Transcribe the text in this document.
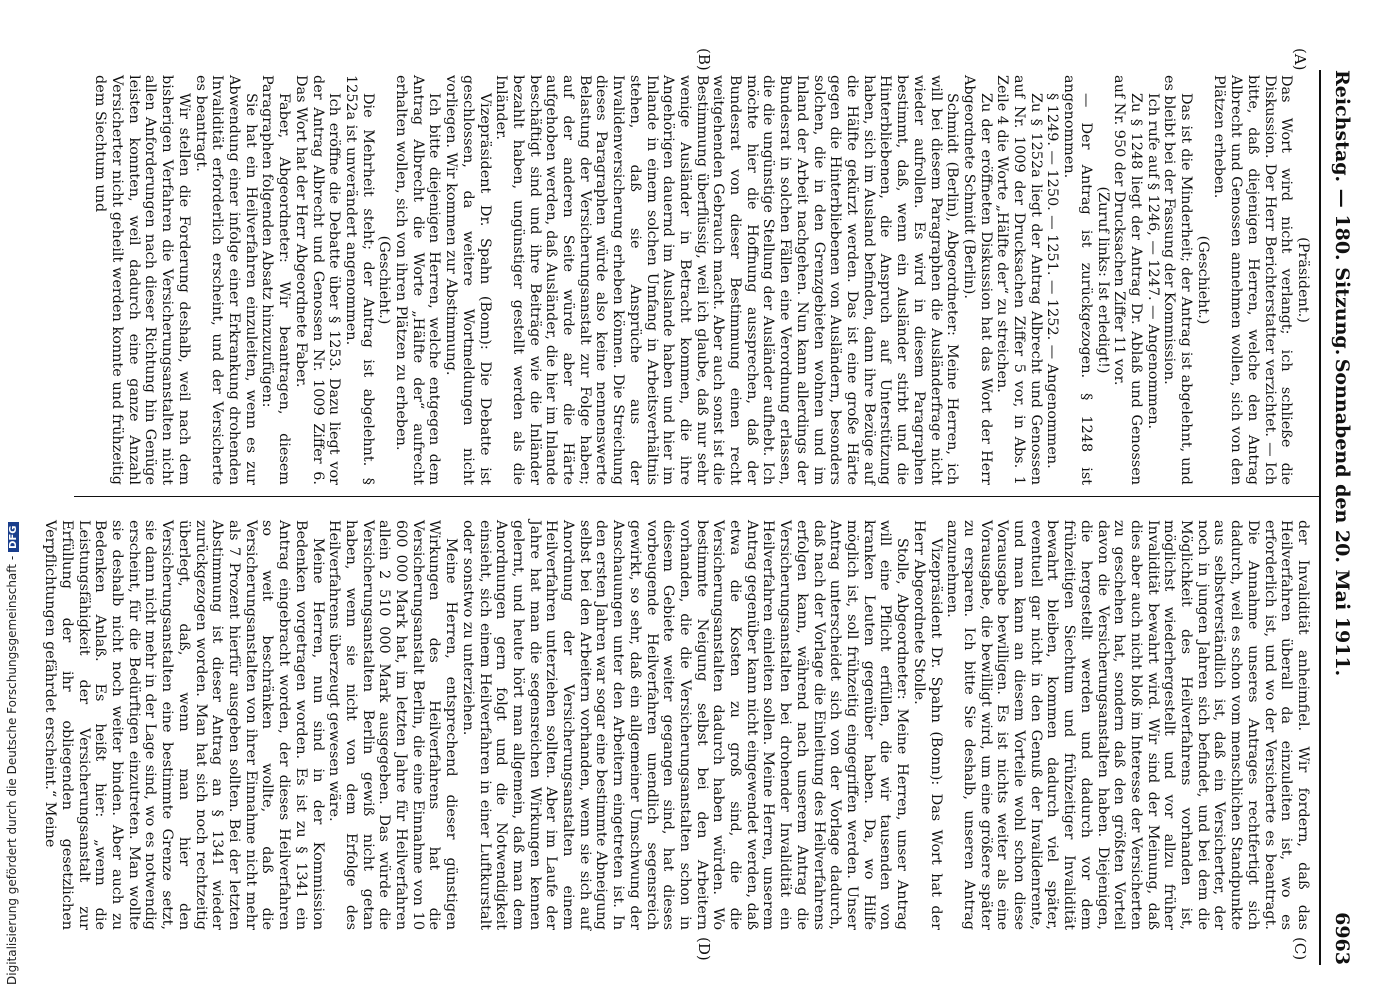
Reichstag. — 180. Sitzung.
Sonnabend den 20. Mai 1911.
6963
(A)
(B)
(C)
(D)

(Präsident.)

Das Wort wird nicht verlangt; ich schließe die Diskussion. Der Herr Berichterstatter verzichtet. — Ich bitte, daß diejenigen Herren, welche den Antrag Albrecht und Genossen annehmen wollen, sich von den Plätzen erheben.

(Geschieht.)

Das ist die Minderheit; der Antrag ist abgelehnt, und es bleibt bei der Fassung der Kommission.

Ich rufe auf § 1246, — 1247. — Angenommen.

Zu § 1248 liegt der Antrag Dr. Ablaß und Genossen auf Nr. 950 der Drucksachen Ziffer 11 vor.

(Zuruf links: Ist erledigt!)

— Der Antrag ist zurückgezogen. § 1248 ist angenommen.

§ 1249. — 1250. — 1251. — 1252. — Angenommen.

Zu § 1252a liegt der Antrag Albrecht und Genossen auf Nr. 1009 der Drucksachen Ziffer 5 vor, in Abs. 1 Zeile 4 die Worte „Hälfte der“ zu streichen.

Zu der eröffneten Diskussion hat das Wort der Herr Abgeordnete Schmidt (Berlin).

Schmidt (Berlin), Abgeordneter: Meine Herren, ich will bei diesem Paragraphen die Ausländerfrage nicht wieder aufrollen. Es wird in diesem Paragraphen bestimmt, daß, wenn ein Ausländer stirbt und die Hinterbliebenen, die Anspruch auf Unterstützung haben, sich im Ausland befinden, dann ihre Bezüge auf die Hälfte gekürzt werden. Das ist eine große Härte gegen die Hinterbliebenen von Ausländern, besonders solchen, die in den Grenzgebieten wohnen und im Inland der Arbeit nachgehen. Nun kann allerdings der Bundesrat in solchen Fällen eine Verordnung erlassen, die die ungünstige Stellung der Ausländer aufhebt. Ich möchte hier die Hoffnung aussprechen, daß der Bundesrat von dieser Bestimmung einen recht weitgehenden Gebrauch macht. Aber auch sonst ist die Bestimmung überflüssig, weil ich glaube, daß nur sehr wenige Ausländer in Betracht kommen, die ihre Angehörigen dauernd im Auslande haben und hier im Inlande in einem solchen Umfang in Arbeitsverhältnis stehen, daß sie Ansprüche aus der Invalidenversicherung erheben können. Die Streichung dieses Paragraphen würde also keine nennenswerte Belastung der Versicherungsanstalt zur Folge haben; auf der anderen Seite würde aber die Härte aufgehoben werden, daß Ausländer, die hier im Inlande beschäftigt sind und ihre Beiträge wie die Inländer bezahlt haben, ungünstiger gestellt werden als die Inländer.

Vizepräsident Dr. Spahn (Bonn): Die Debatte ist geschlossen, da weitere Wortmeldungen nicht vorliegen. Wir kommen zur Abstimmung.

Ich bitte diejenigen Herren, welche entgegen dem Antrag Albrecht die Worte „Hälfte der“ aufrecht erhalten wollen, sich von ihren Plätzen zu erheben.

(Geschieht.)

Die Mehrheit steht; der Antrag ist abgelehnt. § 1252a ist unverändert angenommen.

Ich eröffne die Debatte über § 1253. Dazu liegt vor der Antrag Albrecht und Genossen Nr. 1009 Ziffer 6. Das Wort hat der Herr Abgeordnete Faber.

Faber, Abgeordneter: Wir beantragen, diesem Paragraphen folgenden Absatz hinzuzufügen:

Sie hat ein Heilverfahren einzuleiten, wenn es zur Abwendung einer infolge einer Erkrankung drohenden Invalidität erforderlich erscheint, und der Versicherte es beantragt.

Wir stellen die Forderung deshalb, weil nach dem bisherigen Verfahren die Versicherungsanstalten nicht allen Anforderungen nach dieser Richtung hin Genüge leisten konnten, weil dadurch eine ganze Anzahl Versicherter nicht geheilt werden konnte und frühzeitig dem Siechtum und

der Invalidität anheimfiel. Wir fordern, daß das Heilverfahren überall da einzuleiten ist, wo es erforderlich ist, und wo der Versicherte es beantragt. Die Annahme unseres Antrages rechtfertigt sich dadurch, weil es schon vom menschlichen Standpunkte aus selbstverständlich ist, daß ein Versicherter, der noch in jungen Jahren sich befindet, und bei dem die Möglichkeit des Heilverfahrens vorhanden ist, möglichst wiederhergestellt und vor allzu früher Invalidität bewahrt wird. Wir sind der Meinung, daß dies aber auch nicht bloß im Interesse der Versicherten zu geschehen hat, sondern daß den größten Vorteil davon die Versicherungsanstalten haben. Diejenigen, die hergestellt werden und dadurch vor dem frühzeitigen Siechtum und frühzeitiger Invalidität bewahrt bleiben, kommen dadurch viel später, eventuell gar nicht in den Genuß der Invalidenrente, und man kann an diesem Vorteile wohl schon diese Vorausgabe bewilligen. Es ist nichts weiter als eine Vorausgabe, die bewilligt wird, um eine größere später zu ersparen. Ich bitte Sie deshalb, unseren Antrag anzunehmen.

Vizepräsident Dr. Spahn (Bonn): Das Wort hat der Herr Abgeordnete Stolle.

Stolle, Abgeordneter: Meine Herren, unser Antrag will eine Pflicht erfüllen, die wir tausenden von kranken Leuten gegenüber haben. Da, wo Hilfe möglich ist, soll frühzeitig eingegriffen werden. Unser Antrag unterscheidet sich von der Vorlage dadurch, daß nach der Vorlage die Einleitung des Heilverfahrens erfolgen kann, während nach unserem Antrag die Versicherungsanstalten bei drohender Invalidität ein Heilverfahren einleiten sollen. Meine Herren, unserem Antrag gegenüber kann nicht eingewendet werden, daß etwa die Kosten zu groß sind, die die Versicherungsanstalten dadurch haben würden. Wo bestimmte Neigung selbst bei den Arbeitern vorhanden, die die Versicherungsanstalten schon in diesem Gebiete weiter gegangen sind, hat dieses vorbeugende Heilverfahren unendlich segensreich gewirkt, so sehr, daß ein allgemeiner Umschwung der Anschauungen unter den Arbeitern eingetreten ist. In den ersten Jahren war sogar eine bestimmte Abneigung selbst bei den Arbeitern vorhanden, wenn sie sich auf Anordnung der Versicherungsanstalten einem Heilverfahren unterziehen sollten. Aber im Laufe der Jahre hat man die segensreichen Wirkungen kennen gelernt, und heute hört man allgemein, daß man dem Anordnungen gern folgt und die Notwendigkeit einsieht, sich einem Heilverfahren in einer Luftkurstalt oder sonstwo zu unterziehen.

Meine Herren, entsprechend dieser günstigen Wirkungen des Heilverfahrens hat die Versicherungsanstalt Berlin, die eine Einnahme von 10 600 000 Mark hat, im letzten Jahre für Heilverfahren allein 2 510 000 Mark ausgegeben. Das würde die Versicherungsanstalten Berlin gewiß nicht getan haben, wenn sie nicht von dem Erfolge des Heilverfahrens überzeugt gewesen wäre.

Meine Herren, nun sind in der Kommission Bedenken vorgetragen worden. Es ist zu § 1341 ein Antrag eingebracht worden, der dieses Heilverfahren so weit beschränken wollte, daß die Versicherungsanstalten von ihrer Einnahme nicht mehr als 7 Prozent hierfür ausgeben sollten. Bei der letzten Abstimmung ist dieser Antrag an § 1341 wieder zurückgezogen worden. Man hat sich noch rechtzeitig überlegt, daß, wenn man hier den Versicherungsanstalten eine bestimmte Grenze setzt, sie dann nicht mehr in der Lage sind, wo es notwendig erscheint, für die Bedürftigen einzutreten. Man wollte sie deshalb nicht noch weiter binden. Aber auch zu Bedenken Anlaß. Es heißt hier: „wenn die Leistungsfähigkeit der Versicherungsanstalt zur Erfüllung der ihr obliegenden gesetzlichen Verpflichtungen gefährdet erscheint.“ Meine

Digitalisierung gefördert durch die Deutsche Forschungsgemeinschaft -DFG
